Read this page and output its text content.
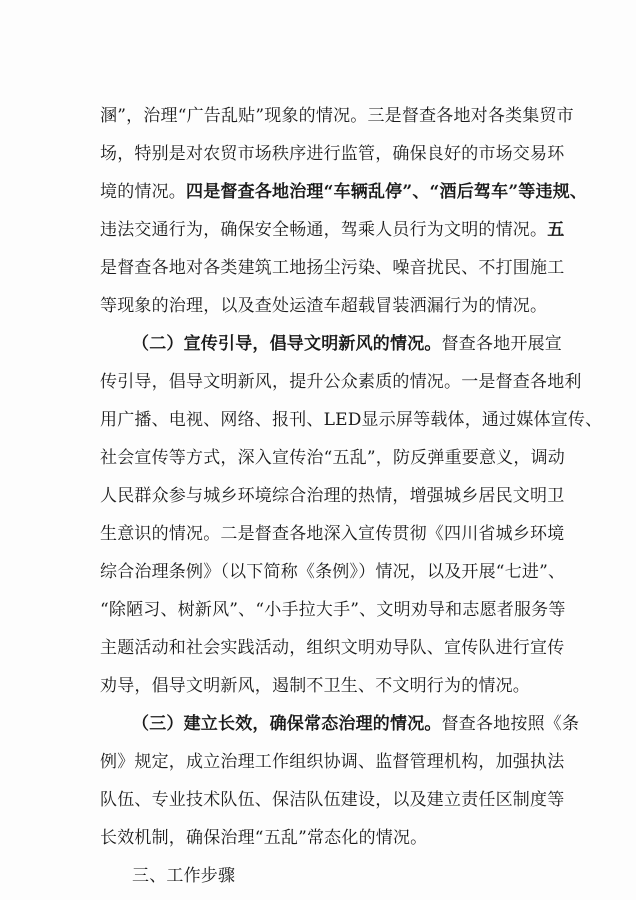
溷”，治理“广告乱贴”现象的情况。三是督查各地对各类集贸市
场，特别是对农贸市场秩序进行监管，确保良好的市场交易环
境的情况。四是督查各地治理“车辆乱停”、“酒后驾车”等违规、
违法交通行为，确保安全畅通，驾乘人员行为文明的情况。五
是督查各地对各类建筑工地扬尘污染、噪音扰民、不打围施工
等现象的治理，以及查处运渣车超载冒装洒漏行为的情况。
（二）宣传引导，倡导文明新风的情况。督查各地开展宣
传引导，倡导文明新风，提升公众素质的情况。一是督查各地利
用广播、电视、网络、报刊、LED显示屏等载体，通过媒体宣传、
社会宣传等方式，深入宣传治“五乱”，防反弹重要意义，调动
人民群众参与城乡环境综合治理的热情，增强城乡居民文明卫
生意识的情况。二是督查各地深入宣传贯彻《四川省城乡环境
综合治理条例》（以下简称《条例》）情况，以及开展“七进”、
“除陋习、树新风”、“小手拉大手”、文明劝导和志愿者服务等
主题活动和社会实践活动，组织文明劝导队、宣传队进行宣传
劝导，倡导文明新风，遏制不卫生、不文明行为的情况。
（三）建立长效，确保常态治理的情况。督查各地按照《条
例》规定，成立治理工作组织协调、监督管理机构，加强执法
队伍、专业技术队伍、保洁队伍建设，以及建立责任区制度等
长效机制，确保治理“五乱”常态化的情况。
三、工作步骤
